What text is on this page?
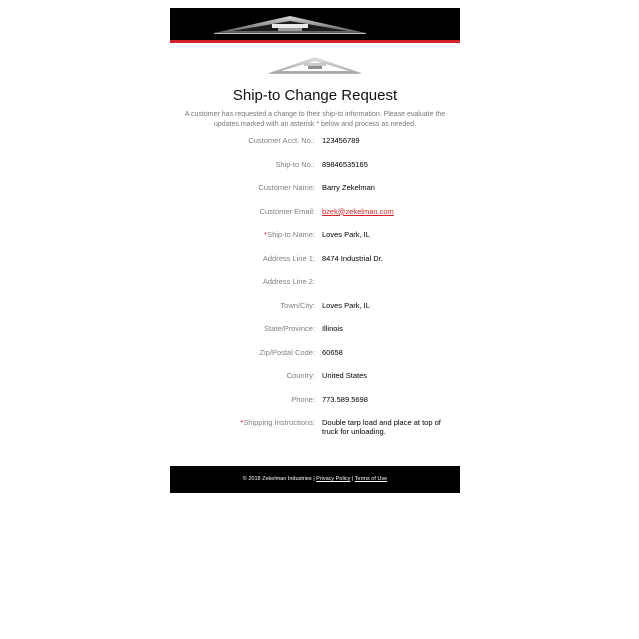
Ship-to Change Request
A customer has requested a change to their ship-to information. Please evaluate the
updates marked with an asterisk * below and process as needed.
Customer Acct. No.:	123456789
Ship-to No.:	89846535165
Customer Name:	Barry Zekelman
Customer Email:	bzek@zekelman.com
*Ship-to Name:	Loves Park, IL
Address Line 1:	8474 Industrial Dr.
Address Line 2:	
Town/City:	Loves Park, IL
State/Province:	Illinois
Zip/Postal Code:	60658
Country:	United States
Phone:	773.589.5698
*Shipping Instructions:	Double tarp load and place at top of truck for unloading.
© 2018 Zekelman Industries | Privacy Policy | Terms of Use
